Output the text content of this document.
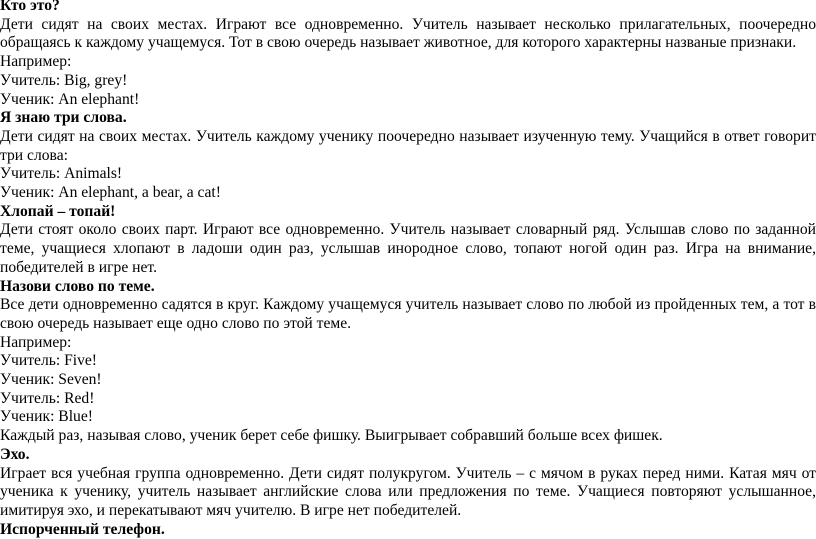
Кто это?

Дети сидят на своих местах. Играют все одновременно. Учитель называет несколько прилагательных, поочередно обращаясь к каждому учащемуся. Тот в свою очередь называет животное, для которого характерны названые признаки.

Например:

Учитель: Big, grey!

Ученик: An elephant!

Я знаю три слова.

Дети сидят на своих местах. Учитель каждому ученику поочередно называет изученную тему. Учащийся в ответ говорит три слова:

Учитель: Animals!

Ученик: An elephant, a bear, a cat!

Хлопай – топай!

Дети стоят около своих парт. Играют все одновременно. Учитель называет словарный ряд. Услышав слово по заданной теме, учащиеся хлопают в ладоши один раз, услышав инородное слово, топают ногой один раз. Игра на внимание, победителей в игре нет.

Назови слово по теме.

Все дети одновременно садятся в круг. Каждому учащемуся учитель называет слово по любой из пройденных тем, а тот в свою очередь называет еще одно слово по этой теме.

Например:

Учитель: Five!

Ученик: Seven!

Учитель: Red!

Ученик: Blue!

Каждый раз, называя слово, ученик берет себе фишку. Выигрывает собравший больше всех фишек.

Эхо.

Играет вся учебная группа одновременно. Дети сидят полукругом. Учитель – с мячом в руках перед ними. Катая мяч от ученика к ученику, учитель называет английские слова или предложения по теме. Учащиеся повторяют услышанное, имитируя эхо, и перекатывают мяч учителю. В игре нет победителей.

Испорченный телефон.
